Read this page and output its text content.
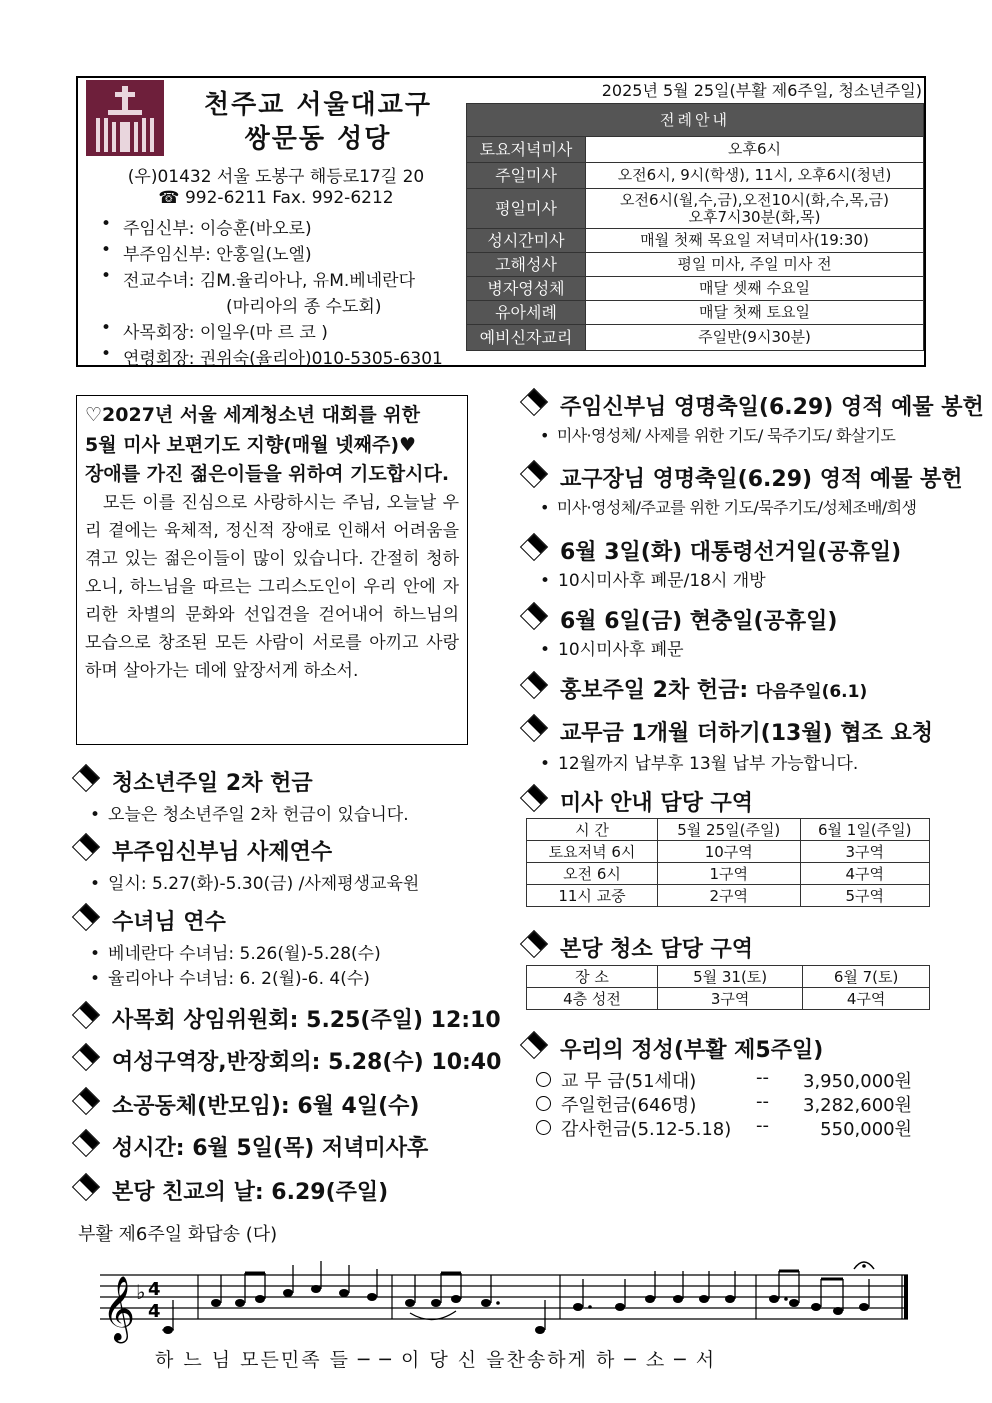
천주교 서울대교구
쌍문동 성당
(우)01432 서울 도봉구 해등로17길 20
☎ 992-6211 Fax. 992-6212
• 주임신부: 이승훈(바오로)
• 부주임신부: 안홍일(노엘)
• 전교수녀: 김M.율리아나, 유M.베네란다
(마리아의 종 수도회)
• 사목회장: 이일우(마 르 코 )
• 연령회장: 권위숙(율리아)010-5305-6301
2025년 5월 25일(부활 제6주일, 청소년주일)
전례안내	
토요저녁미사	오후6시
주일미사	오전6시, 9시(학생), 11시, 오후6시(청년)
평일미사	오전6시(월,수,금),오전10시(화,수,목,금)
오후7시30분(화,목)

성시간미사	매월 첫째 목요일 저녁미사(19:30)
고해성사	평일 미사, 주일 미사 전
병자영성체	매달 셋째 수요일
유아세례	매달 첫째 토요일
예비신자교리	주일반(9시30분)
♡2027년 서울 세계청소년 대회를 위한
5월 미사 보편기도 지향(매월 넷째주)♥
장애를 가진 젊은이들을 위하여 기도합시다.
모든 이를 진심으로 사랑하시는 주님, 오늘날 우리 곁에는 육체적, 정신적 장애로 인해서 어려움을 겪고 있는 젊은이들이 많이 있습니다. 간절히 청하오니, 하느님을 따르는 그리스도인이 우리 안에 자리한 차별의 문화와 선입견을 걷어내어 하느님의 모습으로 창조된 모든 사람이 서로를 아끼고 사랑하며 살아가는 데에 앞장서게 하소서.
청소년주일 2차 헌금
• 오늘은 청소년주일 2차 헌금이 있습니다.
부주임신부님 사제연수
• 일시: 5.27(화)-5.30(금) /사제평생교육원
수녀님 연수
• 베네란다 수녀님: 5.26(월)-5.28(수)
• 율리아나 수녀님: 6. 2(월)-6. 4(수)
사목회 상임위원회: 5.25(주일) 12:10
여성구역장,반장회의: 5.28(수) 10:40
소공동체(반모임): 6월 4일(수)
성시간: 6월 5일(목) 저녁미사후
본당 친교의 날: 6.29(주일)
주임신부님 영명축일(6.29) 영적 예물 봉헌
• 미사·영성체/ 사제를 위한 기도/ 묵주기도/ 화살기도
교구장님 영명축일(6.29) 영적 예물 봉헌
• 미사·영성체/주교를 위한 기도/묵주기도/성체조배/희생
6월 3일(화) 대통령선거일(공휴일)
• 10시미사후 폐문/18시 개방
6월 6일(금) 현충일(공휴일)
• 10시미사후 폐문
홍보주일 2차 헌금: 다음주일(6.1)
교무금 1개월 더하기(13월) 협조 요청
• 12월까지 납부후 13월 납부 가능합니다.
미사 안내 담당 구역
시 간	5월 25일(주일)	6월 1일(주일)
토요저녁 6시	10구역	3구역
오전 6시	1구역	4구역
11시 교중	2구역	5구역
본당 청소 담당 구역
장 소	5월 31(토)	6월 7(토)
4층 성전	3구역	4구역
우리의 정성(부활 제5주일)
교 무 금(51세대)	--	3,950,000원
주일헌금(646명)	--	3,282,600원
감사헌금(5.12-5.18) --	550,000원
부활 제6주일 화답송 (다)
𝄞 ♭ 4
4
하 느 님 모든민족 들 ─ ─ 이 당 신 을찬송하게 하 ─ 소 ─ 서
